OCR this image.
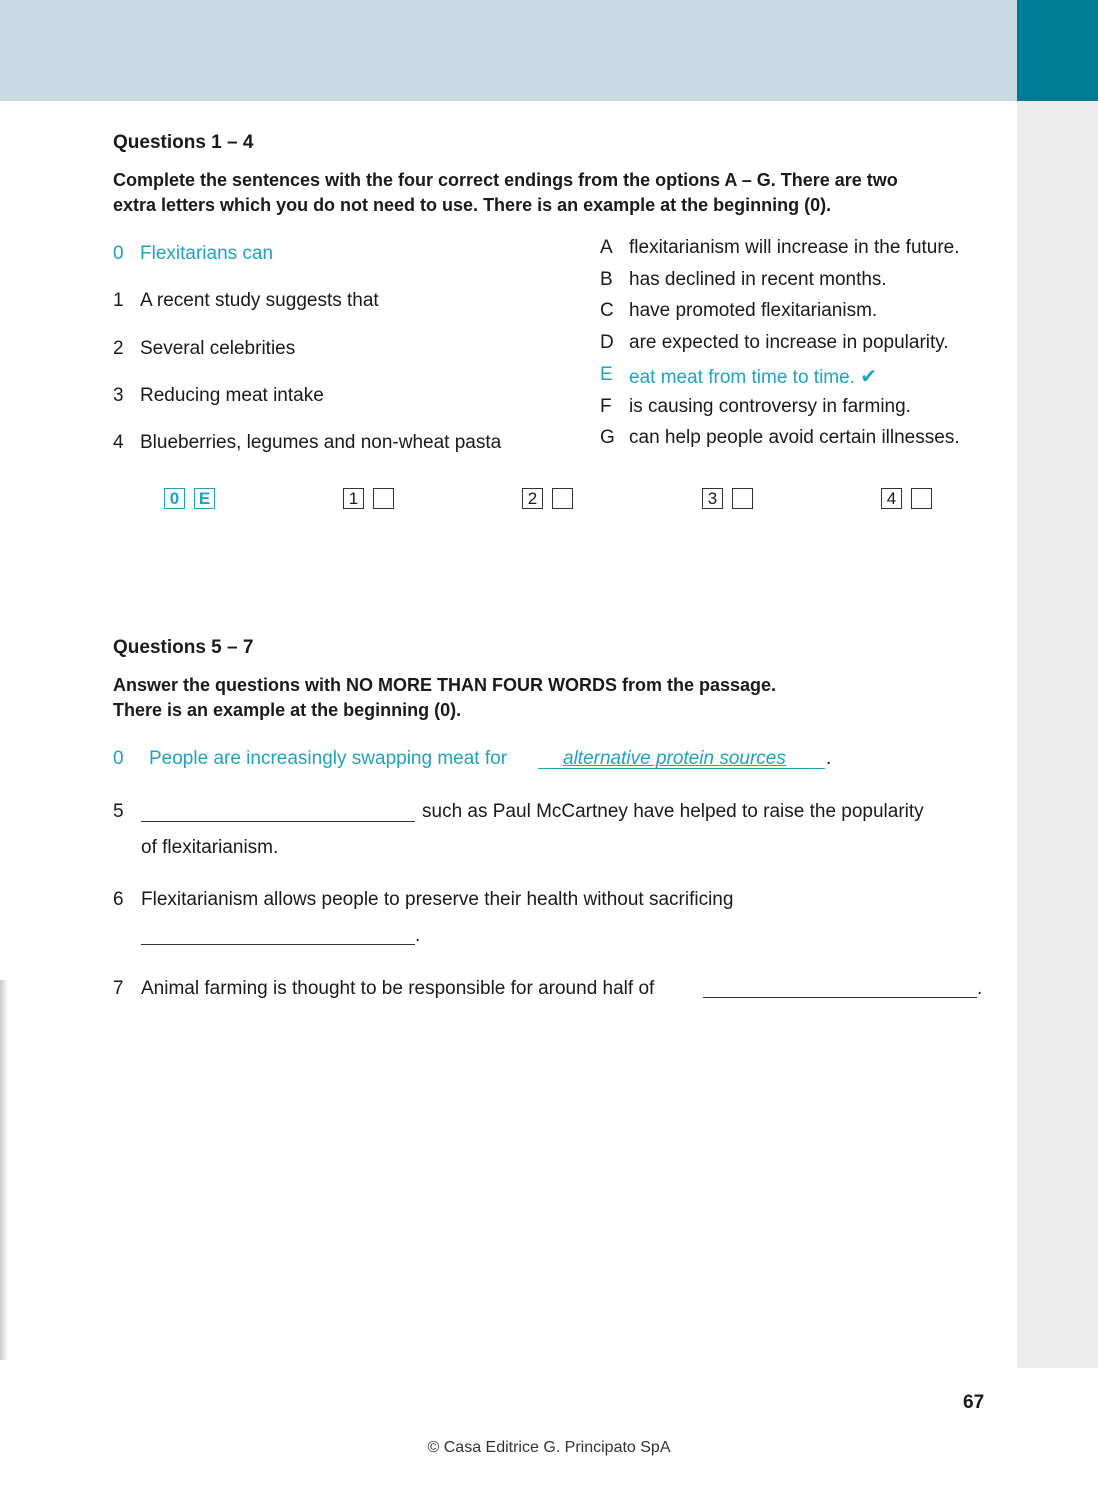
Questions 1 – 4
Complete the sentences with the four correct endings from the options A – G. There are two
extra letters which you do not need to use. There is an example at the beginning (0).
0 Flexitarians can
1 A recent study suggests that
2 Several celebrities
3 Reducing meat intake
4 Blueberries, legumes and non-wheat pasta
A flexitarianism will increase in the future.
B has declined in recent months.
C have promoted flexitarianism.
D are expected to increase in popularity.
E eat meat from time to time. ✔
F is causing controversy in farming.
G can help people avoid certain illnesses.
0	E	1	2	3	4
Questions 5 – 7
Answer the questions with NO MORE THAN FOUR WORDS from the passage.
There is an example at the beginning (0).
0 People are increasingly swapping meat for	alternative protein sources .
5	such as Paul McCartney have helped to raise the popularity
of flexitarianism.
6 Flexitarianism allows people to preserve their health without sacrificing
.
7 Animal farming is thought to be responsible for around half of	.
67
© Casa Editrice G. Principato SpA
